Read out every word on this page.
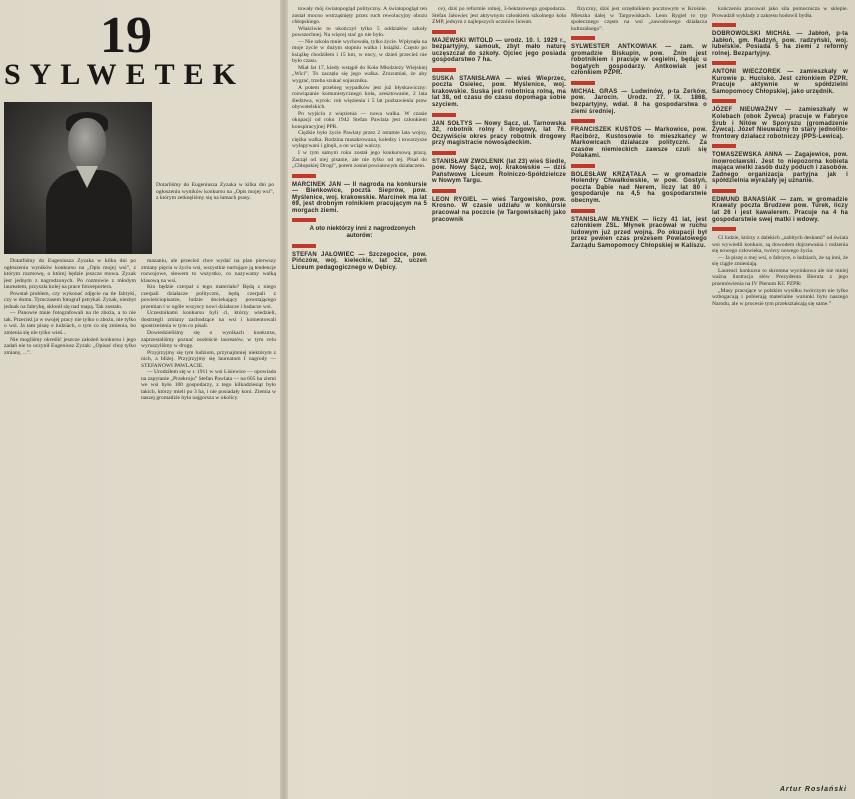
19
SYLWETEK

Dotarliśmy do Eugeniusza Zyzaka w kilka dni po ogłoszeniu wyników konkursu na „Opis mojej wsi”, z którym zetknęliśmy się na łamach prasy.

Dotarliśmy do Eugeniusza Zyzaka w kilka dni po ogłoszeniu wyników konkursu na „Opis mojej wsi”, z którym rozmowę, o której będzie jeszcze mowa. Zyzak jest jednym z nagrodzonych. Po rozmowie z młodym laureatem, przyszła kolej na prace fotoreportera.

Powstał problem, czy wykonać zdjęcie na tle fabryki, czy w domu. Tymczasem fotograf pstrykał. Zyzak, niezbyt jednak na fabrykę, skłonił się nad mapą. Tak zostało.

— Panowie mnie fotografowali na tle zboża, a to nie tak. Przecież ja w swojej pracy nie tylko o zbożu, nie tylko o wsi. Ja tam piszę o ludziach, o tym co się zmienia, bo zmienia się nie tylko wieś...

Nie mogliśmy określić jeszcze założeń konkursu i jego zadań nie to uczynił Eugeniusz Zyzak: „Opisać chcę tylko zmiany, ...”.

mazaniu, ale przecież chce wydać na plan pierwszy zmiany pięcia w życiu wsi, wszystkie nurtujące ją tendencje rozwojowe, słowem to wszystko, co nazywamy walką klasową na wsi.

Kto będzie czerpał z tego materiału? Będą z niego czerpali działacze polityczni, będą czerpali z powieściopisarze, ludzie dociekający powstającego przemian i w ogóle wszyscy nowi działacze i badacze wsi.

Uczestnikami konkursu byli ci, którzy wiedzieli, dostrzegli zmiany zachodzące na wsi i komentowali spostrzeżenia w tym co pisali.

Dowiedzieliśmy się o wynikach konkursu, zaprzestaliśmy poznać osobiście laureatów, w tym celu wyruszyliśmy w drogę.

Przyjrzyjmy się tym ludziom, przynajmniej niektórym z nich, a bliżej. Przyjrzyjmy się laureatom I nagrody — STEFANOWI PAWLACIE.

— Urodziłem się w r. 1911 w wsi Lisiewice — opowiada na zapytanie „Przekroju” Stefan Pawlata — na 605 ha ziemi we wsi było 100 gospodarzy, z tego kilkadziesiąt było takich, którzy mieli po 3 ha, i nie posiadały koni. Ziemia w naszej gromadzie była najgorsza w okolicy.

towały mój światopogląd polityczny. A światopogląd ten został mocno wstrząśnięty przez ruch rewolucyjny obozu chłopskiego.

Właściwie to ukończył tylko 5 oddziałów szkoły powszechnej. Na więcej stać go nie było.

— Nie szkoła mnie wychowała, tylko życie. Wpłynęła na moje życie w dużym stopniu walka i książki. Często po książkę chodziłem i 15 km, w nocy, w dzień przecież nie było czasu.

Miał lat 17, kiedy wstąpił do Koła Młodzieży Wiejskiej „Wici”. To zaczęła się jego walka. Zrozumiał, że aby wygrać, trzeba szukać sojusznika.

A potem przebieg wypadków jest już błyskawiczny: rozwiązanie komunistycznego koła, aresztowanie, 2 lata śledztwa, wyrok: rok więzienia i 5 lat pozbawienia praw obywatelskich.

Po wyjściu z więzienia — nowa walka. W czasie okupacji od roku 1942 Stefan Pawlata jest członkiem konspiracyjnej PPR.

Ciężkie było życie Pawlaty przez 2 ostatnie lata wojny, ciężka walka. Rodzina masakrowana, koledzy i towarzysze wyłapywani i ginęli, a on wciąż walczy.

I w tym samym roku został jego konkursową pracą. Zaczął od niej pisanie, ale nie tylko od tej. Pisał do „Chłopskiej Drogi”, potem został powiatowym działaczem.

MARCINEK JAN — II nagroda na konkursie — Bieńkowice, poczta Sieprów, pow. Myślenice, woj. krakowskie. Marcinek ma lat 69, jest drobnym rolnikiem pracującym na 5 morgach ziemi.

A oto niektórzy inni z nagrodzonych autorów:

STEFAN JAŁOWIEC — Szczegocice, pow. Pińczów, woj. kieleckie, lat 32, uczeń Liceum pedagogicznego w Dębicy.

ce), dziś po reformie rolnej, 3-hektarowego gospodarza. Stefan Jałowiec jest aktywnym członkiem szkolnego koła ZMP, jednym z najlepszych uczniów liceum.

MAJEWSKI WITOLD — urodz. 10. I. 1929 r., bezpartyjny, samouk, zbyt mało naturę uczęszczał do szkoły. Ojciec jego posiada gospodarstwo 7 ha.

SUSKA STANISŁAWA — wieś Wieprzec, poczta Osielec, pow. Myślenice, woj. krakowskie. Suska jest robotnicą rolną, ma lat 38, od czasu do czasu dopomaga sobie szyciem.

JAN SOŁTYS — Nowy Sącz, ul. Tarnowska 32, robotnik rolny i drogowy, lat 76. Oczywiście okres pracy robotnik drogowy przy magistracie nowosądeckim.

STANISŁAW ZWOLENIK (lat 23) wieś Siedle, pow. Nowy Sącz, woj. krakowskie — dziś Państwowe Liceum Rolniczo-Spółdzielcze w Nowym Targu.

LEON RYGIEL — wieś Targowisko, pow. Krosno. W czasie udziału w konkursie pracował na poczcie (w Targowiskach) jako pracownik

fizyczny, dziś jest urzędnikiem pocztowym w Krośnie. Mieszka dalej w Targowiskach. Leon Rygiel to typ społecznego często na wsi „zawodowego działacza kulturalnego”.

SYLWESTER ANTKOWIAK — zam. w gromadzie Biskupin, pow. Żnin jest robotnikiem i pracuje w cegielni, będąc u bogatych gospodarzy. Antkowiak jest członkiem PZPR.

MICHAŁ GRAS — Ludwinów, p-ta Zerków, pow. Jarocin. Urodz. 27. IX. 1868, bezpartyjny, wdał. 8 ha gospodarstwa o ziemi średniej.

FRANCISZEK KUSTOS — Markowice, pow. Racibórz, Kustosowie to mieszkańcy w Markowicach działacze polityczni. Za czasów niemieckich zawsze czuli się Polakami.

BOLESŁAW KRZĄTAŁA — w gromadzie Holendry Chwałkowskie, w pow. Gostyń, poczta Dąbie nad Nerem, liczy lat 80 i gospodaruje na 4,5 ha gospodarstwie obecnym.

STANISŁAW MŁYNEK — liczy 41 lat, jest członkiem ZSL. Młynek pracował w ruchu ludowym już przed wojną. Po okupacji był przez pewien czas prezesem Powiatowego Zarządu Samopomocy Chłopskiej w Kaliszu.

kończeniu pracował jako sila pomocnicza w sklepie. Prowadził wykłady z zakresu hodowli bydła.

DOBROWOLSKI MICHAŁ — Jabłoń, p-ta Jabłoń, gm. Radzyń, pow. radzyński, woj. lubelskie. Posiada 5 ha ziemi z reformy rolnej. Bezpartyjny.

ANTONI WIECZOREK — zamieszkały w Kurowie p. Hucisko. Jest członkiem PZPR. Pracuje aktywnie w spółdzielni Samopomocy Chłopskiej, jako urzędnik.

JÓZEF NIEUWAŻNY — zamieszkały w Kolebach (obok Żywca) pracuje w Fabryce Śrub i Nitów w Sporyszu (gromadzenie Żywca). Józef Nieuważny to stary jednolito-frontowy działacz robotniczy (PPS-Lewica).

TOMASZEWSKA ANNA — Zagajewice, pow. inowrocławski. Jest to niepozorna kobieta mająca wielki zasób duży poduch i zasobów. Żadnego organizacja partyjna jak i spółdzielnia wyrażały jej uznanie.

EDMUND BANASIAK — zam. w gromadzie Krawaty poczta Brudzew pow. Turek, liczy lat 26 i jest kawalerem. Pracuje na 4 ha gospodarstwie swej matki i wdowy.

Ci ludzie, którzy z dalekich „zabitych deskami” od świata wsi wywiedli konkurs, są dowodem dojrzewania i rodzenia się nowego człowieka, twórcy nowego życia.

— Ja piszę o mej wsi, o fabryce, o ludziach, że są inni, że się ciągle zmieniają.

Laureaci konkursu to skromna wycinkowa ale nie mniej ważna ilustracja słów Prezydenta Bieruta z jego przemówienia na IV Plenum KC PZPR:

„Masy pracujące w polskim wysiłku twórczym nie tylko wzbogacają i pobierają materialne warunki bytu naszego Narodu, ale w procesie tym przekształcają się same.”

Artur Rosłański
